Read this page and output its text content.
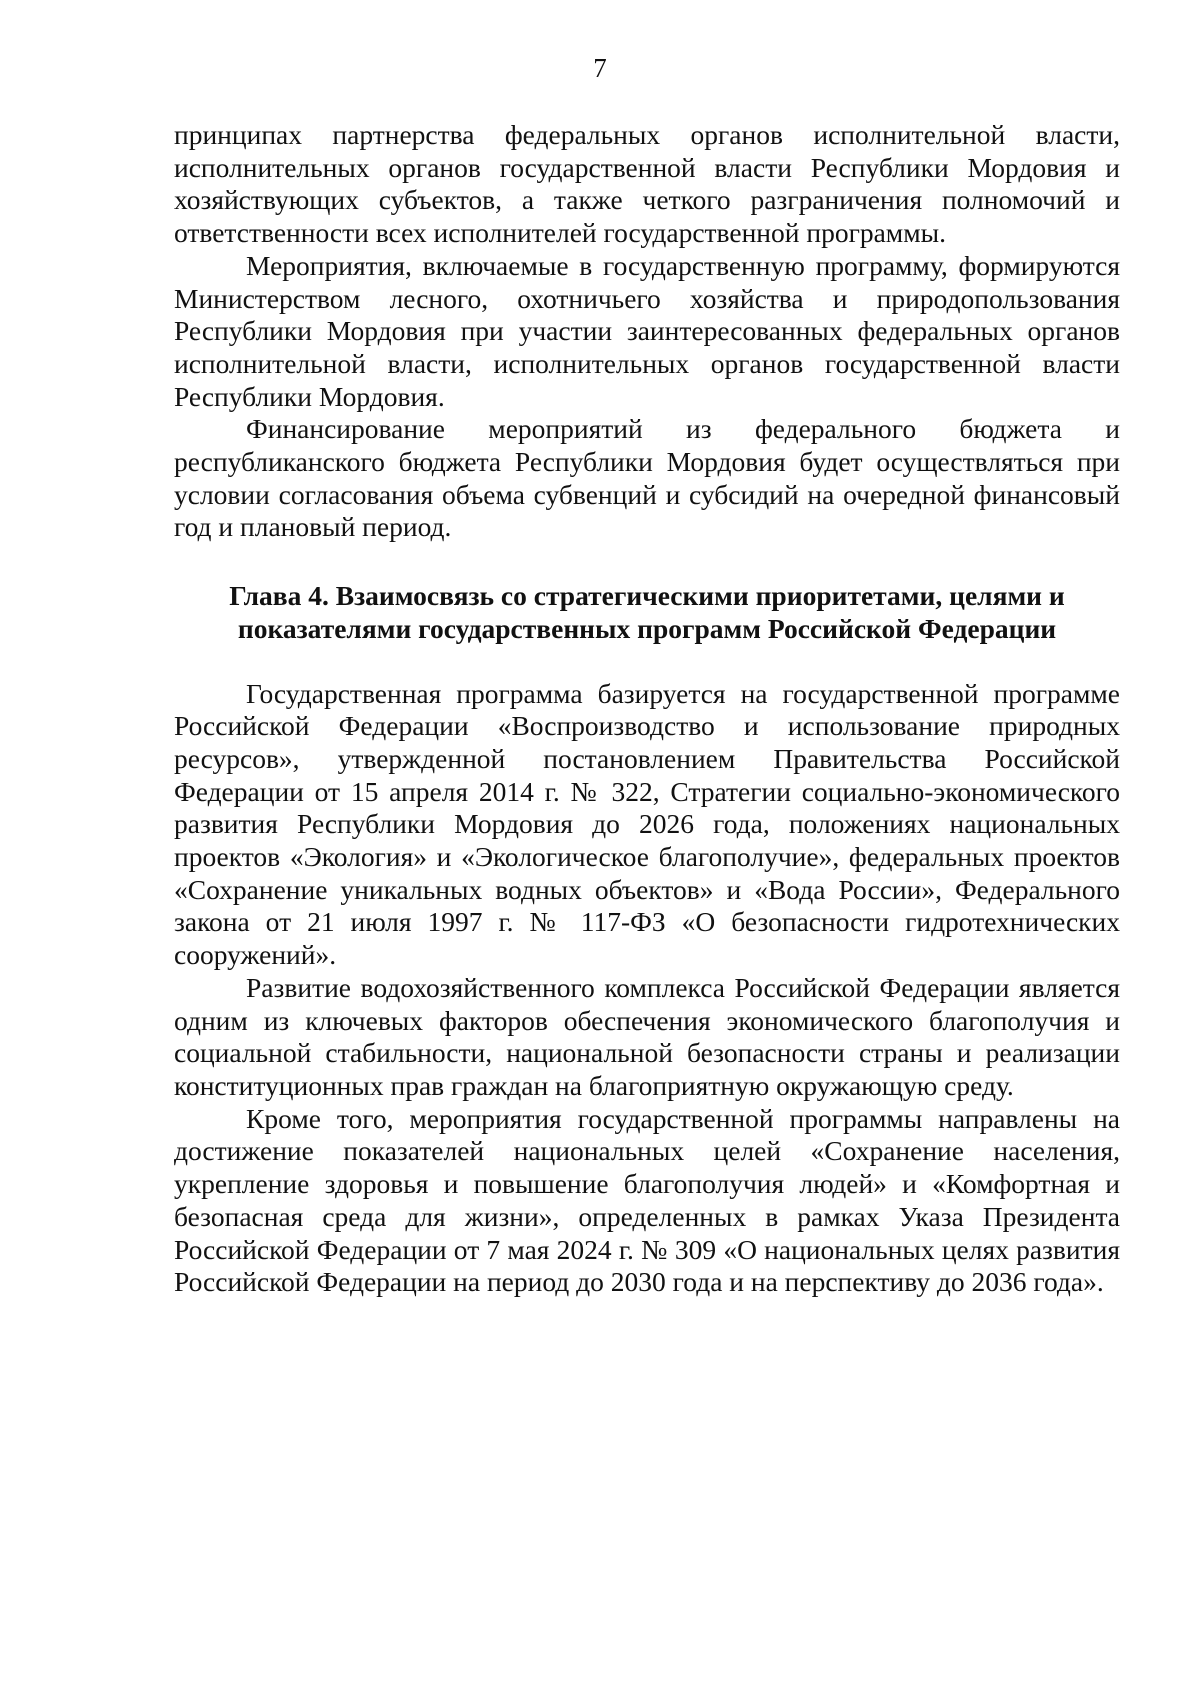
7

принципах партнерства федеральных органов исполнительной власти, исполнительных органов государственной власти Республики Мордовия и хозяйствующих субъектов, а также четкого разграничения полномочий и ответственности всех исполнителей государственной программы.

Мероприятия, включаемые в государственную программу, формируются Министерством лесного, охотничьего хозяйства и природопользования Республики Мордовия при участии заинтересованных федеральных органов исполнительной власти, исполнительных органов государственной власти Республики Мордовия.

Финансирование мероприятий из федерального бюджета и республиканского бюджета Республики Мордовия будет осуществляться при условии согласования объема субвенций и субсидий на очередной финансовый год и плановый период.

Глава 4. Взаимосвязь со стратегическими приоритетами, целями и показателями государственных программ Российской Федерации

Государственная программа базируется на государственной программе Российской Федерации «Воспроизводство и использование природных ресурсов», утвержденной постановлением Правительства Российской Федерации от 15 апреля 2014 г. № 322, Стратегии социально-экономического развития Республики Мордовия до 2026 года, положениях национальных проектов «Экология» и «Экологическое благополучие», федеральных проектов «Сохранение уникальных водных объектов» и «Вода России», Федерального закона от 21 июля 1997 г. № 117-ФЗ «О безопасности гидротехнических сооружений».

Развитие водохозяйственного комплекса Российской Федерации является одним из ключевых факторов обеспечения экономического благополучия и социальной стабильности, национальной безопасности страны и реализации конституционных прав граждан на благоприятную окружающую среду.

Кроме того, мероприятия государственной программы направлены на достижение показателей национальных целей «Сохранение населения, укрепление здоровья и повышение благополучия людей» и «Комфортная и безопасная среда для жизни», определенных в рамках Указа Президента Российской Федерации от 7 мая 2024 г. № 309 «О национальных целях развития Российской Федерации на период до 2030 года и на перспективу до 2036 года».
